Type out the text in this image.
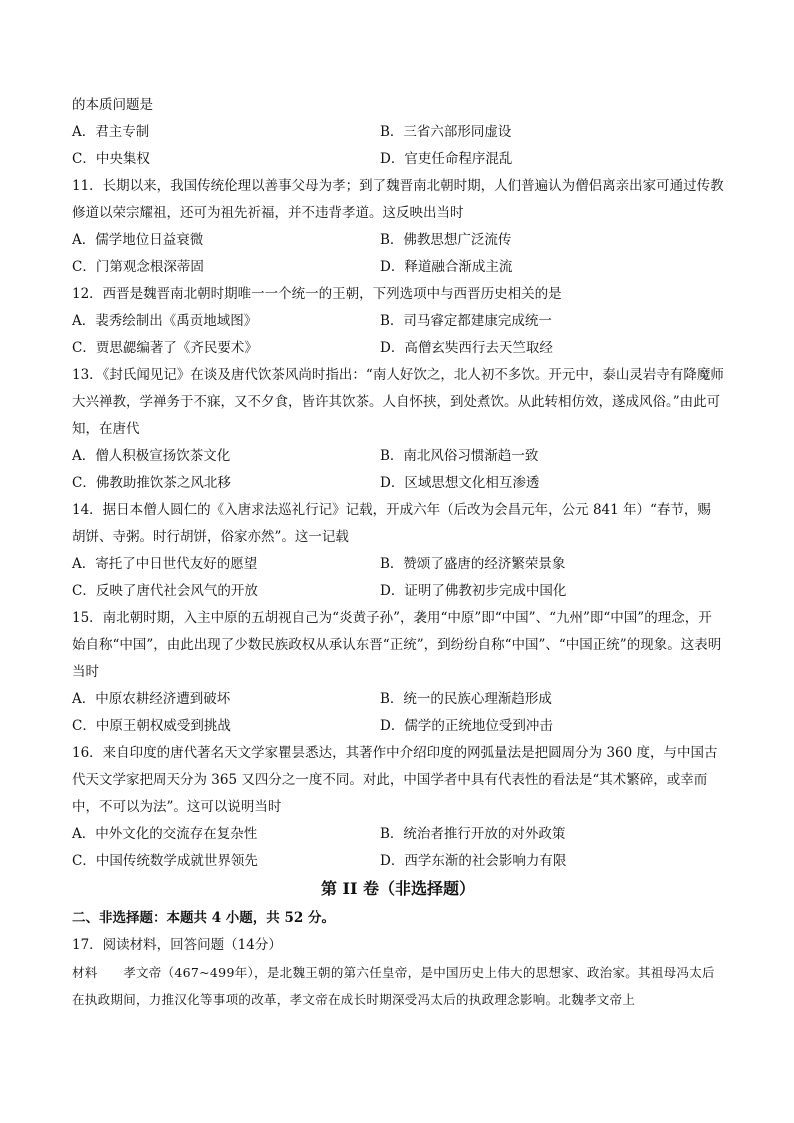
的本质问题是
A．君主专制	B．三省六部形同虚设
C．中央集权	D．官吏任命程序混乱
11．长期以来，我国传统伦理以善事父母为孝；到了魏晋南北朝时期，人们普遍认为僧侣离亲出家可通过传教修道以荣宗耀祖，还可为祖先祈福，并不违背孝道。这反映出当时
A．儒学地位日益衰微	B．佛教思想广泛流传
C．门第观念根深蒂固	D．释道融合渐成主流
12．西晋是魏晋南北朝时期唯一一个统一的王朝，下列选项中与西晋历史相关的是
A．裴秀绘制出《禹贡地域图》	B．司马睿定都建康完成统一
C．贾思勰编著了《齐民要术》	D．高僧玄奘西行去天竺取经
13．《封氏闻见记》在谈及唐代饮茶风尚时指出：“南人好饮之，北人初不多饮。开元中，泰山灵岩寺有降魔师大兴禅教，学禅务于不寐，又不夕食，皆许其饮茶。人自怀挟，到处煮饮。从此转相仿效，遂成风俗。”由此可知，在唐代
A．僧人积极宣扬饮茶文化	B．南北风俗习惯渐趋一致
C．佛教助推饮茶之风北移	D．区域思想文化相互渗透
14．据日本僧人圆仁的《入唐求法巡礼行记》记载，开成六年（后改为会昌元年，公元 841 年）“春节，赐胡饼、寺粥。时行胡饼，俗家亦然”。这一记载
A．寄托了中日世代友好的愿望	B．赞颂了盛唐的经济繁荣景象
C．反映了唐代社会风气的开放	D．证明了佛教初步完成中国化
15．南北朝时期，入主中原的五胡视自己为“炎黄子孙”，袭用“中原”即“中国”、“九州”即“中国”的理念，开始自称“中国”，由此出现了少数民族政权从承认东晋“正统”，到纷纷自称“中国”、“中国正统”的现象。这表明当时
A．中原农耕经济遭到破坏	B．统一的民族心理渐趋形成
C．中原王朝权威受到挑战	D．儒学的正统地位受到冲击
16．来自印度的唐代著名天文学家瞿昙悉达，其著作中介绍印度的网弧量法是把圆周分为 360 度，与中国古代天文学家把周天分为 365 又四分之一度不同。对此，中国学者中具有代表性的看法是“其术繁碎，或幸而中，不可以为法”。这可以说明当时
A．中外文化的交流存在复杂性	B．统治者推行开放的对外政策
C．中国传统数学成就世界领先	D．西学东渐的社会影响力有限
第 II 卷（非选择题）
二、非选择题：本题共 4 小题，共 52 分。
17．阅读材料，回答问题（14分）
材料　　孝文帝（467~499年），是北魏王朝的第六任皇帝，是中国历史上伟大的思想家、政治家。其祖母冯太后在执政期间，力推汉化等事项的改革，孝文帝在成长时期深受冯太后的执政理念影响。北魏孝文帝上
